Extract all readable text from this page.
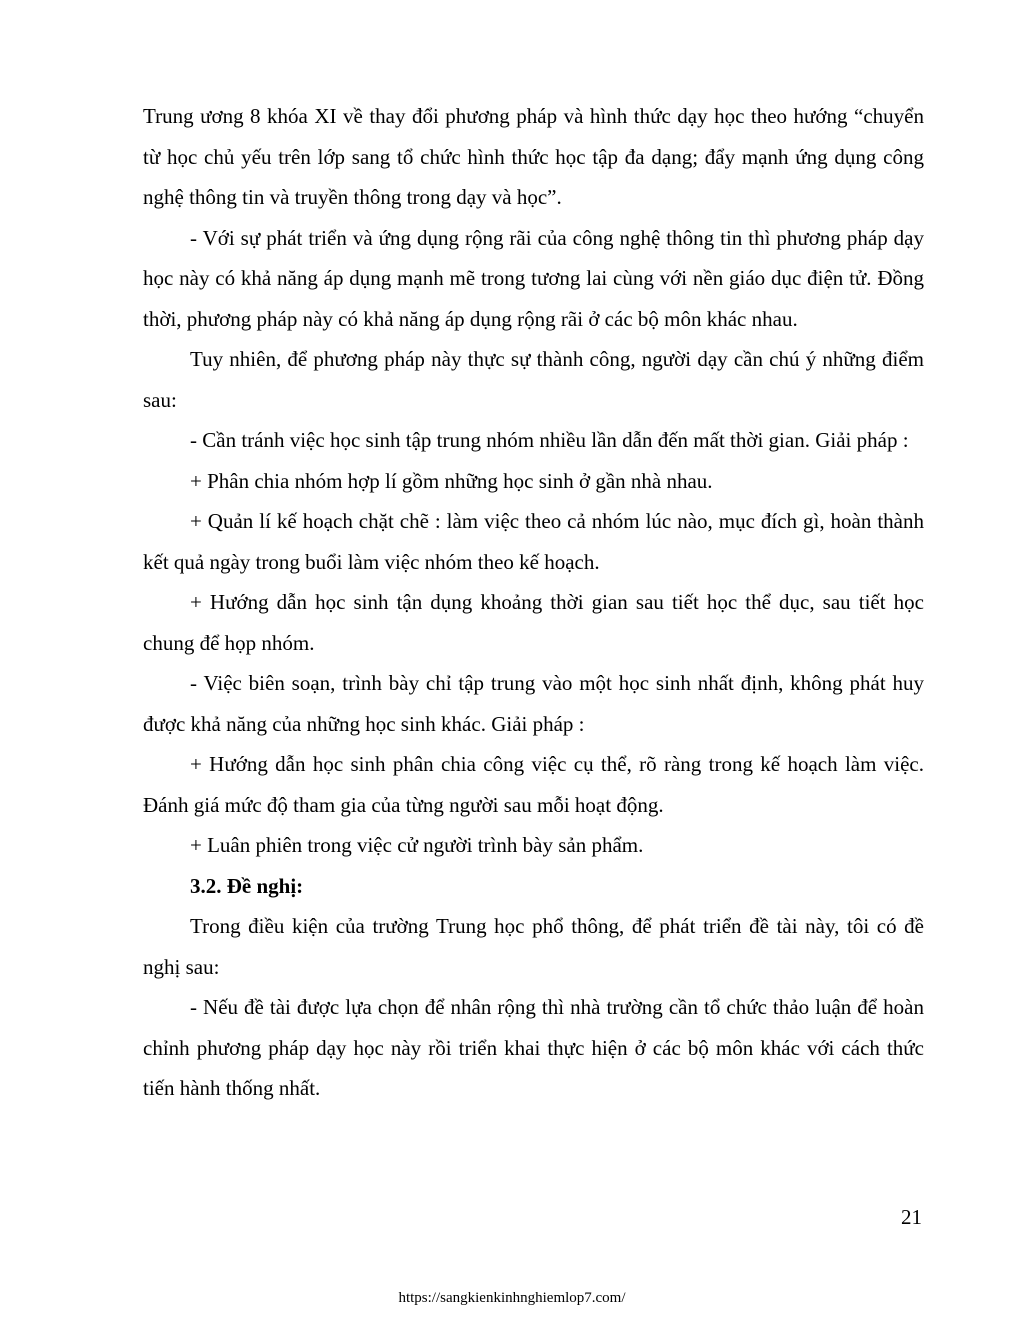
Trung ương 8 khóa XI về thay đổi phương pháp và hình thức dạy học theo hướng “chuyển từ học chủ yếu trên lớp sang tổ chức hình thức học tập đa dạng; đẩy mạnh ứng dụng công nghệ thông tin và truyền thông trong dạy và học”.

- Với sự phát triển và ứng dụng rộng rãi của công nghệ thông tin thì phương pháp dạy học này có khả năng áp dụng mạnh mẽ trong tương lai cùng với nền giáo dục điện tử. Đồng thời, phương pháp này có khả năng áp dụng rộng rãi ở các bộ môn khác nhau.

Tuy nhiên, để phương pháp này thực sự thành công, người dạy cần chú ý những điểm sau:

- Cần tránh việc học sinh tập trung nhóm nhiều lần dẫn đến mất thời gian. Giải pháp :

+ Phân chia nhóm hợp lí gồm những học sinh ở gần nhà nhau.

+ Quản lí kế hoạch chặt chẽ : làm việc theo cả nhóm lúc nào, mục đích gì, hoàn thành kết quả ngày trong buổi làm việc nhóm theo kế hoạch.

+ Hướng dẫn học sinh tận dụng khoảng thời gian sau tiết học thể dục, sau tiết học chung để họp nhóm.

- Việc biên soạn, trình bày chỉ tập trung vào một học sinh nhất định, không phát huy được khả năng của những học sinh khác. Giải pháp :

+ Hướng dẫn học sinh phân chia công việc cụ thể, rõ ràng trong kế hoạch làm việc. Đánh giá mức độ tham gia của từng người sau mỗi hoạt động.

+ Luân phiên trong việc cử người trình bày sản phẩm.

3.2. Đề nghị:

Trong điều kiện của trường Trung học phổ thông, để phát triển đề tài này, tôi có đề nghị sau:

- Nếu đề tài được lựa chọn để nhân rộng thì nhà trường cần tổ chức thảo luận để hoàn chỉnh phương pháp dạy học này rồi triển khai thực hiện ở các bộ môn khác với cách thức tiến hành thống nhất.

21
https://sangkienkinhnghiemlop7.com/
